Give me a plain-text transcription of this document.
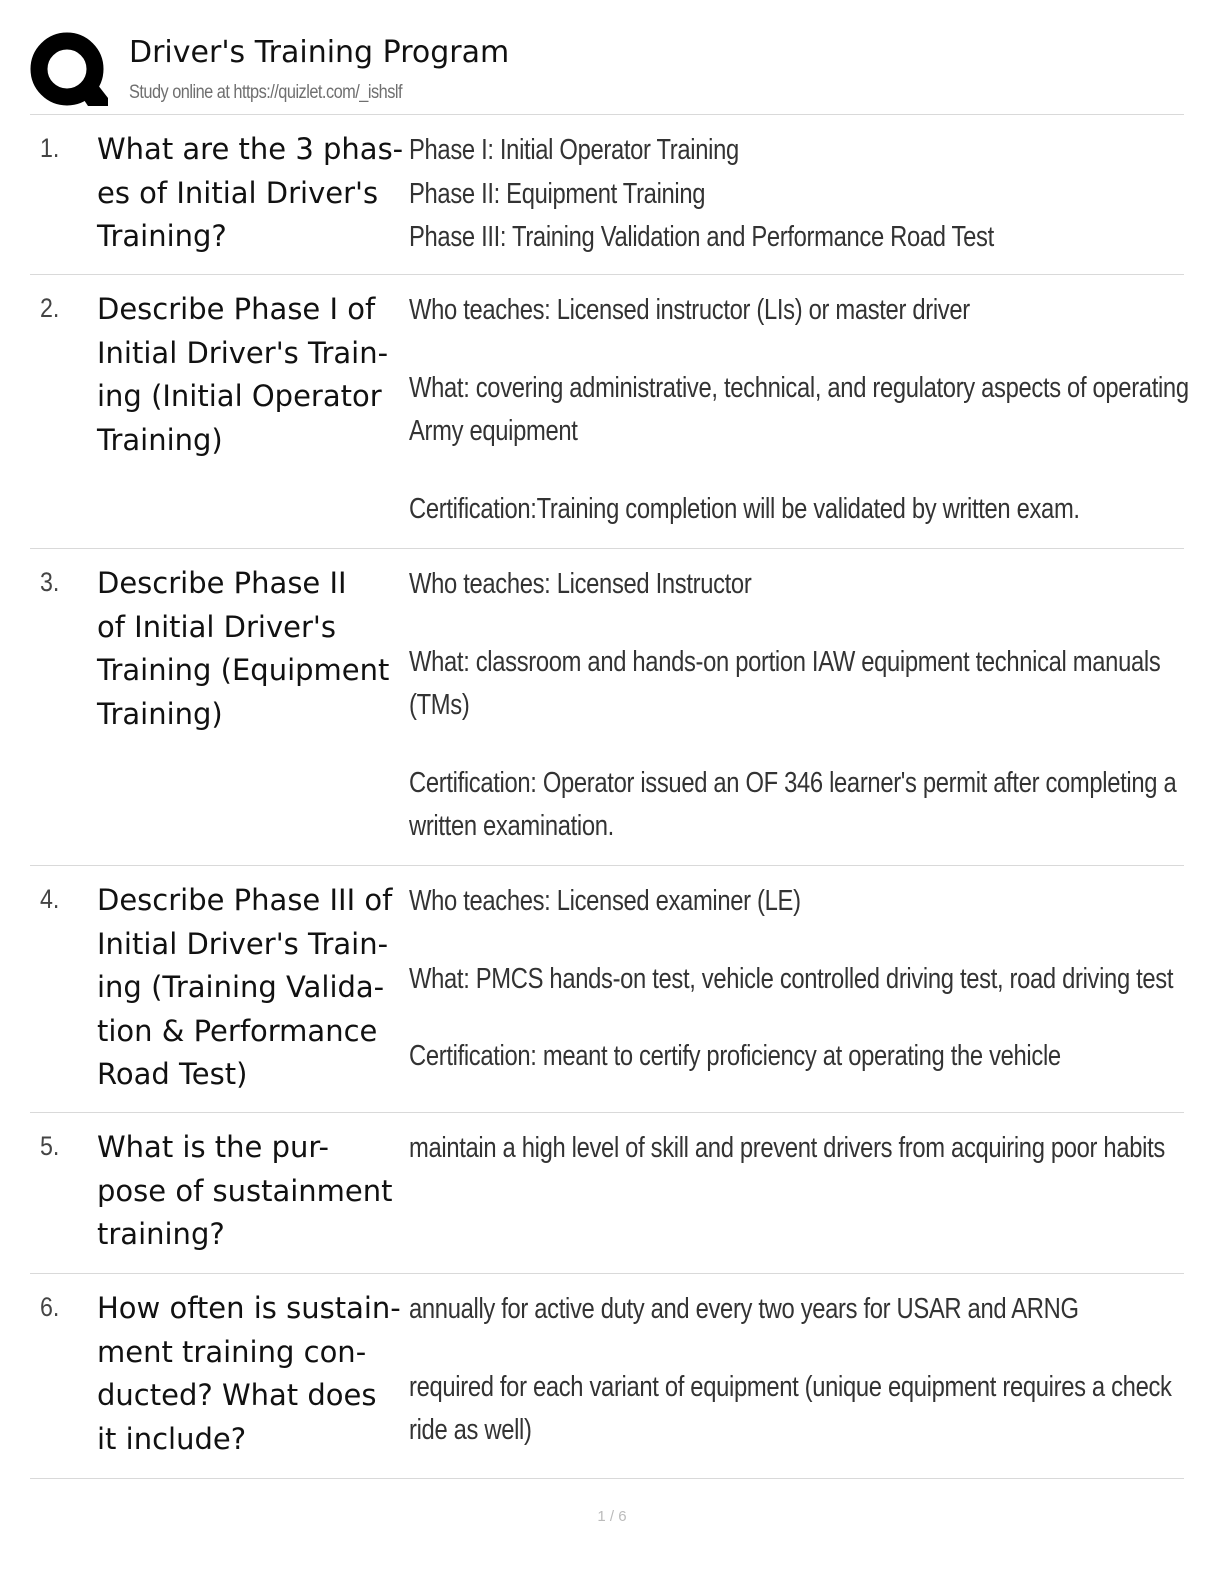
Driver's Training Program
Study online at https://quizlet.com/_ishslf
1. What are the 3 phas-
es of Initial Driver's
Training?
Phase I: Initial Operator Training
Phase II: Equipment Training
Phase III: Training Validation and Performance Road Test
2. Describe Phase I of
Initial Driver's Train-
ing (Initial Operator
Training)
Who teaches: Licensed instructor (LIs) or master driver
What: covering administrative, technical, and regulatory aspects of operating
Army equipment
Certification:Training completion will be validated by written exam.
3. Describe Phase II
of Initial Driver's
Training (Equipment
Training)
Who teaches: Licensed Instructor
What: classroom and hands-on portion IAW equipment technical manuals
(TMs)
Certification: Operator issued an OF 346 learner's permit after completing a
written examination.
4. Describe Phase III of
Initial Driver's Train-
ing (Training Valida-
tion & Performance
Road Test)
Who teaches: Licensed examiner (LE)
What: PMCS hands-on test, vehicle controlled driving test, road driving test
Certification: meant to certify proficiency at operating the vehicle
5. What is the pur-
pose of sustainment
training?
maintain a high level of skill and prevent drivers from acquiring poor habits
6. How often is sustain-
ment training con-
ducted? What does
it include?
annually for active duty and every two years for USAR and ARNG
required for each variant of equipment (unique equipment requires a check
ride as well)
1 / 6
